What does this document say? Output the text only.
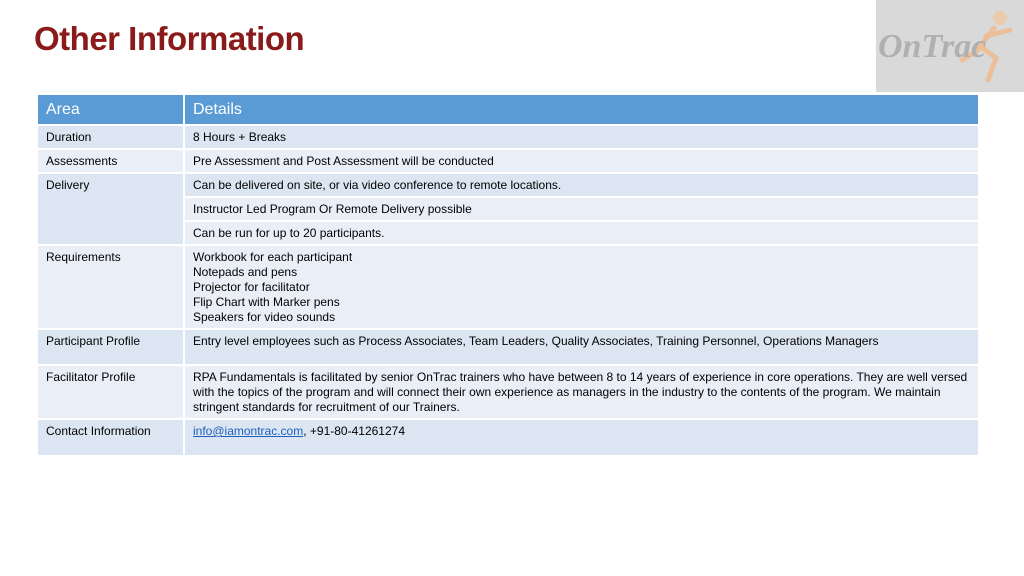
Other Information	OnTrac
Area	Details
Duration	8 Hours + Breaks
Assessments	Pre Assessment and Post Assessment will be conducted
Delivery	Can be delivered on site, or via video conference to remote locations.
	Instructor Led Program Or Remote Delivery possible
	Can be run for up to 20 participants.
Requirements	Workbook for each participant
Notepads and pens
Projector for facilitator
Flip Chart with Marker pens
Speakers for video sounds

Participant Profile	Entry level employees such as Process Associates, Team Leaders, Quality Associates, Training Personnel, Operations Managers
Facilitator Profile	RPA Fundamentals is facilitated by senior OnTrac trainers who have between 8 to 14 years of experience in core operations. They are well versed with the topics of the program and will connect their own experience as managers in the industry to the contents of the program. We maintain stringent standards for recruitment of our Trainers.
Contact Information	info@iamontrac.com, +91-80-41261274
